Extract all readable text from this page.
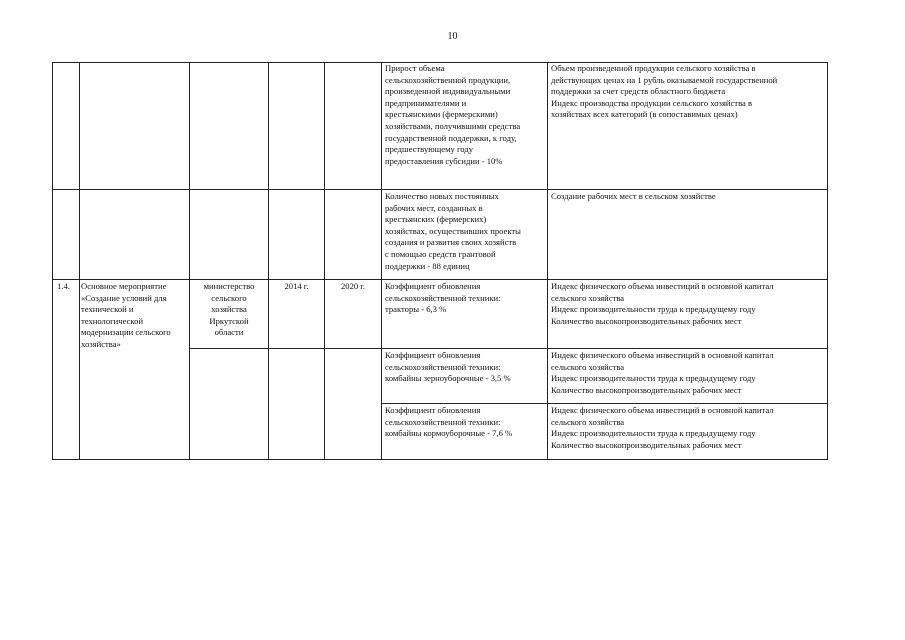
10
Прирост объема
сельскохозяйственной продукции,
произведенной индивидуальными
предпринимателями и
крестьянскими (фермерскими)
хозяйствами, получившими средства
государственной поддержки, к году,
предшествующему году
предоставления субсидии - 10%
Объем произведенной продукции сельского хозяйства в
действующих ценах на 1 рубль оказываемой государственной
поддержки за счет средств областного бюджета
Индекс производства продукции сельского хозяйства в
хозяйствах всех категорий (в сопоставимых ценах)
Количество новых постоянных
рабочих мест, созданных в
крестьянских (фермерских)
хозяйствах, осуществивших проекты
создания и развития своих хозяйств
с помощью средств грантовой
поддержки - 88 единиц
Создание рабочих мест в сельском хозяйстве
1.4. Основное мероприятие
«Создание условий для
технической и
технологической
модернизации сельского
хозяйства»
министерство
сельского
хозяйства
Иркутской
области
2014 г.	2020 г.	Коэффициент обновления
сельскохозяйственной техники:
тракторы - 6,3 %
Индекс физического объема инвестиций в основной капитал
сельского хозяйства
Индекс производительности труда к предыдущему году
Количество высокопроизводительных рабочих мест
Коэффициент обновления
сельскохозяйственной техники:
комбайны зерноуборочные - 3,5 %
Индекс физического объема инвестиций в основной капитал
сельского хозяйства
Индекс производительности труда к предыдущему году
Количество высокопроизводительных рабочих мест
Коэффициент обновления
сельскохозяйственной техники:
комбайны кормоуборочные - 7,6 %
Индекс физического объема инвестиций в основной капитал
сельского хозяйства
Индекс производительности труда к предыдущему году
Количество высокопроизводительных рабочих мест
